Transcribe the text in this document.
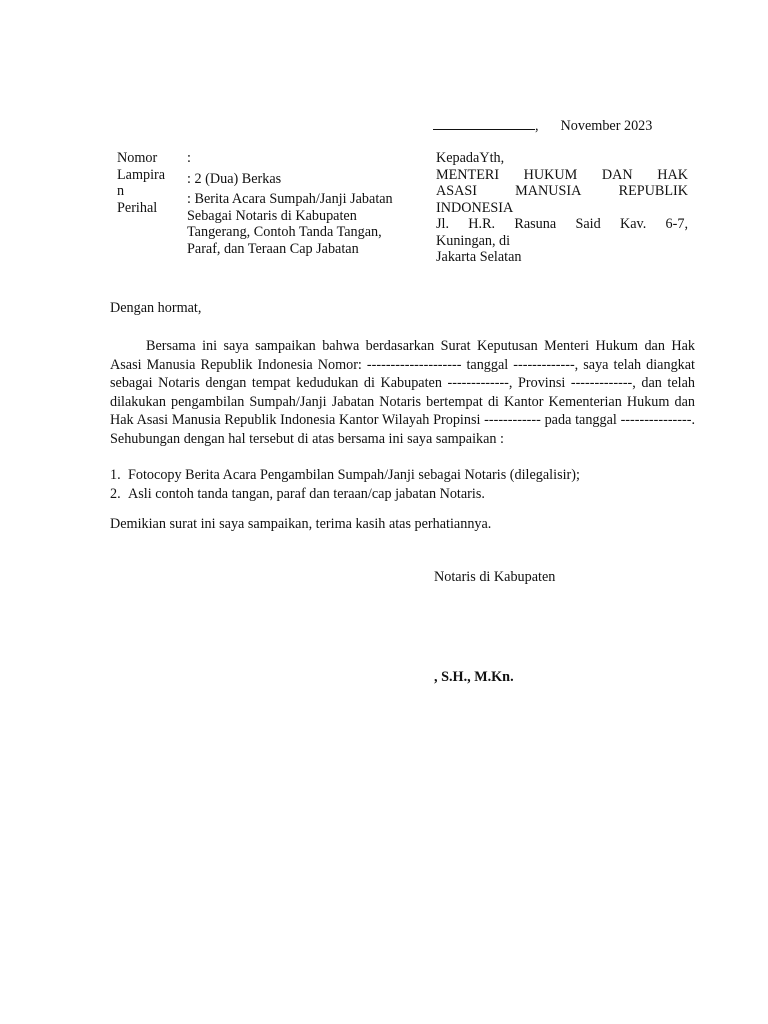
, November 2023
Nomor
Lampira
n
Perihal
:
: 2 (Dua) Berkas
: Berita Acara Sumpah/Janji Jabatan
Sebagai Notaris di Kabupaten
Tangerang, Contoh Tanda Tangan,
Paraf, dan Teraan Cap Jabatan
KepadaYth,
MENTERI HUKUM DAN HAK
ASASI MANUSIA REPUBLIK
INDONESIA
Jl. H.R. Rasuna Said Kav. 6-7,
Kuningan, di
Jakarta Selatan
Dengan hormat,
Bersama ini saya sampaikan bahwa berdasarkan Surat Keputusan Menteri Hukum dan Hak Asasi Manusia Republik Indonesia Nomor: -------------------- tanggal -------------, saya telah diangkat sebagai Notaris dengan tempat kedudukan di Kabupaten -------------, Provinsi -------------, dan telah dilakukan pengambilan Sumpah/Janji Jabatan Notaris bertempat di Kantor Kementerian Hukum dan Hak Asasi Manusia Republik Indonesia Kantor Wilayah Propinsi ------------ pada tanggal ---------------. Sehubungan dengan hal tersebut di atas bersama ini saya sampaikan :
1. Fotocopy Berita Acara Pengambilan Sumpah/Janji sebagai Notaris (dilegalisir);
2. Asli contoh tanda tangan, paraf dan teraan/cap jabatan Notaris.
Demikian surat ini saya sampaikan, terima kasih atas perhatiannya.
Notaris di Kabupaten
, S.H., M.Kn.
